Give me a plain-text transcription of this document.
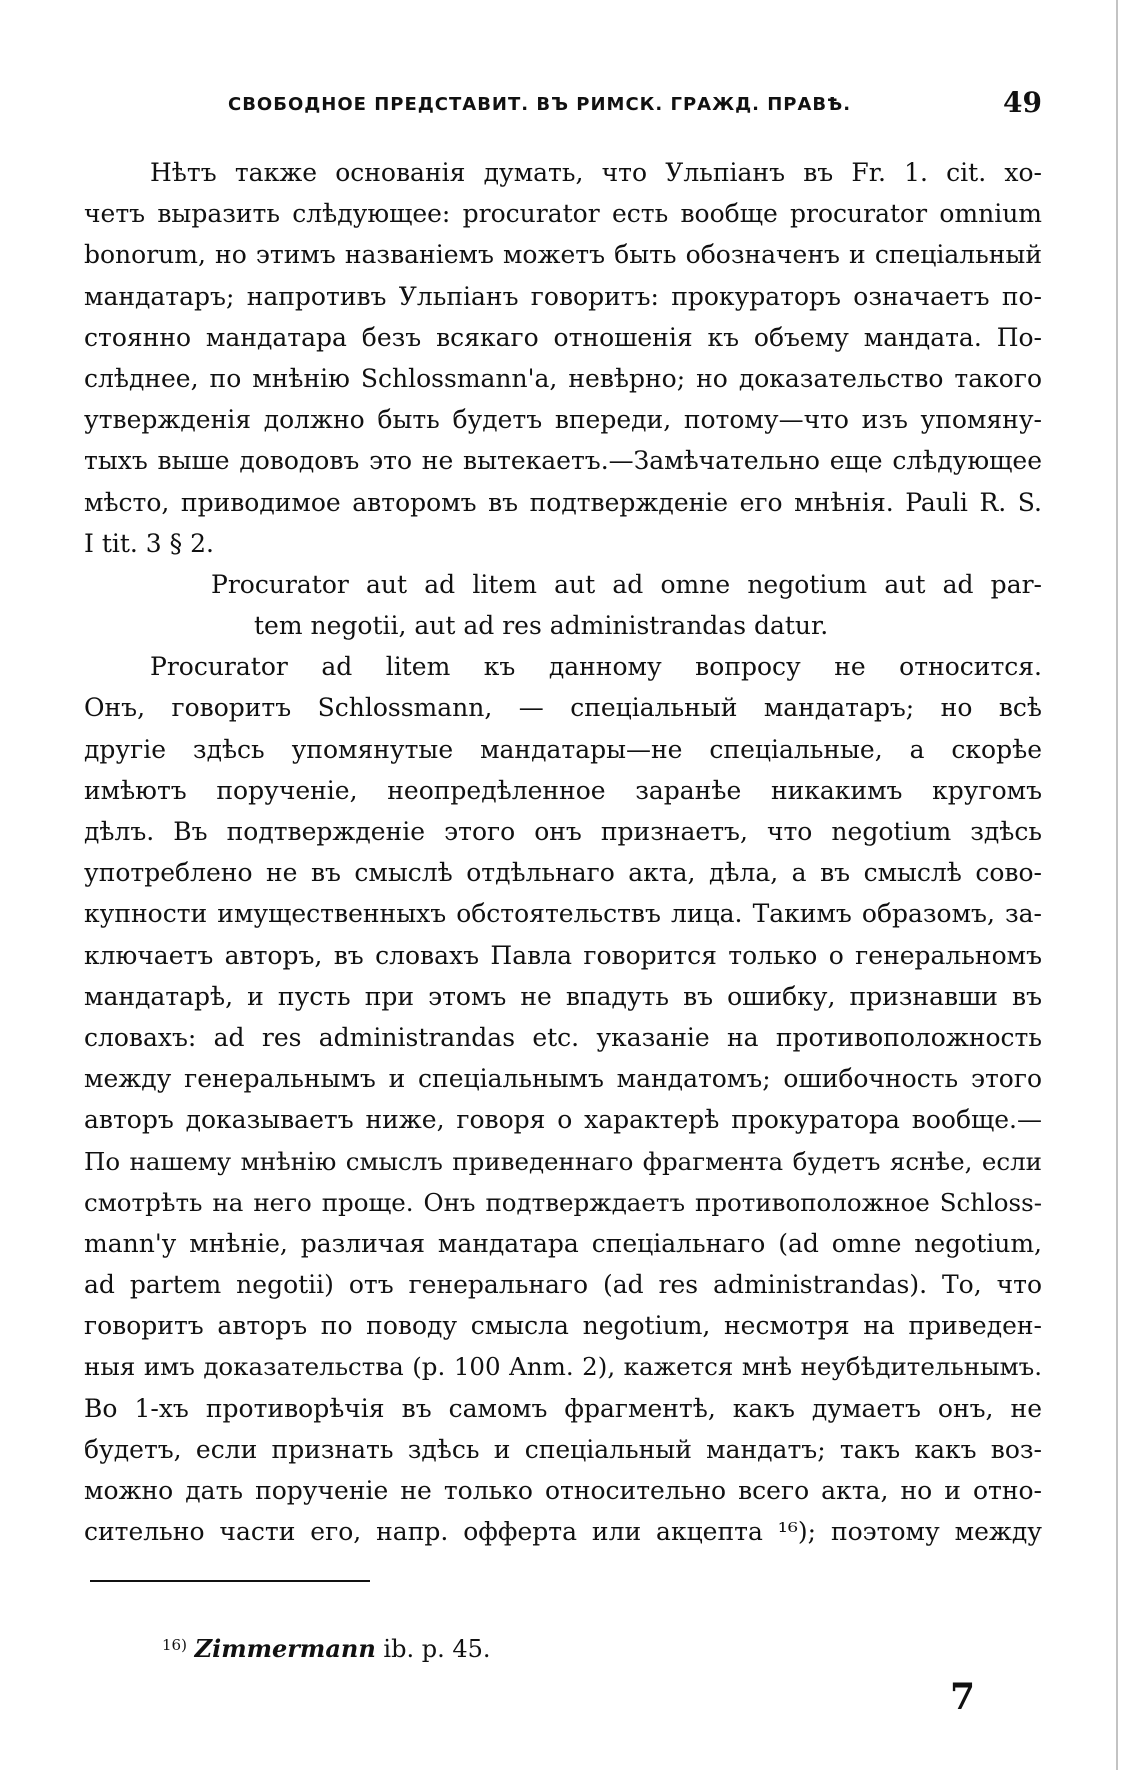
СВОБОДНОЕ ПРЕДСТАВИТ. ВЪ РИМСК. ГРАЖД. ПРАВѢ.	49
Нѣтъ также основанія думать, что Ульпіанъ въ Fr. 1. cit. хо-
четъ выразить слѣдующее: procurator есть вообще procurator omnium
bonorum, но этимъ названіемъ можетъ быть обозначенъ и спеціальный
мандатаръ; напротивъ Ульпіанъ говоритъ: прокураторъ означаетъ по-
стоянно мандатара безъ всякаго отношенія къ объему мандата. По-
слѣднее, по мнѣнію Schlossmann'a, невѣрно; но доказательство такого
утвержденія должно быть будетъ впереди, потому—что изъ упомяну-
тыхъ выше доводовъ это не вытекаетъ.—Замѣчательно еще слѣдующее
мѣсто, приводимое авторомъ въ подтвержденіе его мнѣнія. Pauli R. S.
I tit. 3 § 2.
Procurator aut ad litem aut ad omne negotium aut ad par-
tem negotii, aut ad res administrandas datur.
Procurator ad litem къ данному вопросу не относится.
Онъ, говоритъ Schlossmann, — спеціальный мандатаръ; но всѣ
другіе здѣсь упомянутые мандатары—не спеціальные, а скорѣе
имѣютъ порученіе, неопредѣленное заранѣе никакимъ кругомъ
дѣлъ. Въ подтвержденіе этого онъ признаетъ, что negotium здѣсь
употреблено не въ смыслѣ отдѣльнаго акта, дѣла, а въ смыслѣ сово-
купности имущественныхъ обстоятельствъ лица. Такимъ образомъ, за-
ключаетъ авторъ, въ словахъ Павла говорится только о генеральномъ
мандатарѣ, и пусть при этомъ не впадуть въ ошибку, признавши въ
словахъ: ad res administrandas etc. указаніе на противоположность
между генеральнымъ и спеціальнымъ мандатомъ; ошибочность этого
авторъ доказываетъ ниже, говоря о характерѣ прокуратора вообще.—
По нашему мнѣнію смыслъ приведеннаго фрагмента будетъ яснѣе, если
смотрѣть на него проще. Онъ подтверждаетъ противоположное Schloss-
mann'у мнѣніе, различая мандатара спеціальнаго (ad omne negotium,
ad partem negotii) отъ генеральнаго (ad res administrandas). То, что
говоритъ авторъ по поводу смысла negotium, несмотря на приведен-
ныя имъ доказательства (p. 100 Anm. 2), кажется мнѣ неубѣдительнымъ.
Во 1-хъ противорѣчія въ самомъ фрагментѣ, какъ думаетъ онъ, не
будетъ, если признать здѣсь и спеціальный мандатъ; такъ какъ воз-
можно дать порученіе не только относительно всего акта, но и отно-
сительно части его, напр. офферта или акцепта ¹⁶); поэтому между
$^{16)}$ Zimmermann ib. p. 45.
7
